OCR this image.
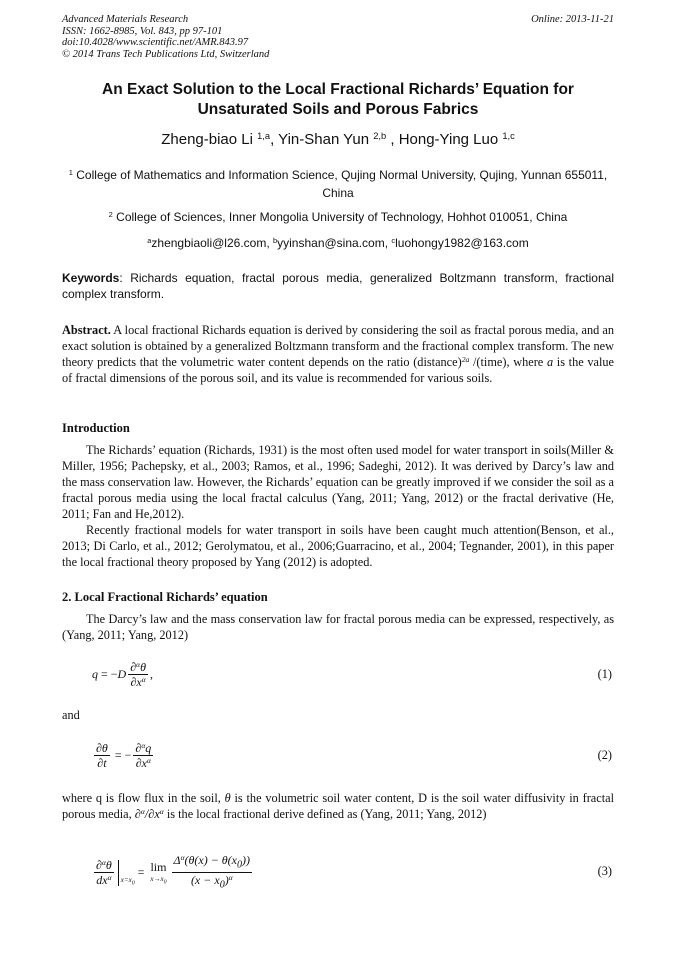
Advanced Materials Research
ISSN: 1662-8985, Vol. 843, pp 97-101
doi:10.4028/www.scientific.net/AMR.843.97
© 2014 Trans Tech Publications Ltd, Switzerland
Online: 2013-11-21
An Exact Solution to the Local Fractional Richards’ Equation for
Unsaturated Soils and Porous Fabrics
Zheng-biao Li $^{1,a}$, Yin-Shan Yun $^{2,b}$ , Hong-Ying Luo $^{1,c}$
$^1$ College of Mathematics and Information Science, Qujing Normal University, Qujing, Yunnan 655011, China
$^2$ College of Sciences, Inner Mongolia University of Technology, Hohhot 010051, China
$^a$zhengbiaoli@l26.com, $^b$yyinshan@sina.com, $^c$luohongy1982@163.com
Keywords: Richards equation, fractal porous media, generalized Boltzmann transform, fractional complex transform.
Abstract. A local fractional Richards equation is derived by considering the soil as fractal porous media, and an exact solution is obtained by a generalized Boltzmann transform and the fractional complex transform. The new theory predicts that the volumetric water content depends on the ratio (distance)$^{2a}$ /(time), where a is the value of fractal dimensions of the porous soil, and its value is recommended for various soils.
Introduction

The Richards’ equation (Richards, 1931) is the most often used model for water transport in soils(Miller & Miller, 1956; Pachepsky, et al., 2003; Ramos, et al., 1996; Sadeghi, 2012). It was derived by Darcy’s law and the mass conservation law. However, the Richards’ equation can be greatly improved if we consider the soil as a fractal porous media using the local fractal calculus (Yang, 2011; Yang, 2012) or the fractal derivative (He, 2011; Fan and He,2012).

Recently fractional models for water transport in soils have been caught much attention(Benson, et al., 2013; Di Carlo, et al., 2012; Gerolymatou, et al., 2006;Guarracino, et al., 2004; Tegnander, 2001), in this paper the local fractional theory proposed by Yang (2012) is adopted.

2. Local Fractional Richards’ equation

The Darcy’s law and the mass conservation law for fractal porous media can be expressed, respectively, as (Yang, 2011; Yang, 2012)

q = − D $\frac{\partial^\alpha\theta}{\partial x^\alpha}$ ,	(1)
and
$\frac{\partial\theta}{\partial t}$ = − $\frac{\partial^\alpha q}{\partial x^\alpha}$	(2)
where q is flow flux in the soil, θ is the volumetric soil water content, D is the soil water diffusivity in fractal porous media, $\partial^\alpha/\partial x^\alpha$ is the local fractional derive defined as (Yang, 2011; Yang, 2012)
$\frac{\partial^\alpha\theta}{dx^\alpha} x=x_0$
= lim
$x\to x_0 \frac{\Delta^\alpha(\theta(x) - \theta(x_0))}{(x - x_0)^\alpha}$	(3)
